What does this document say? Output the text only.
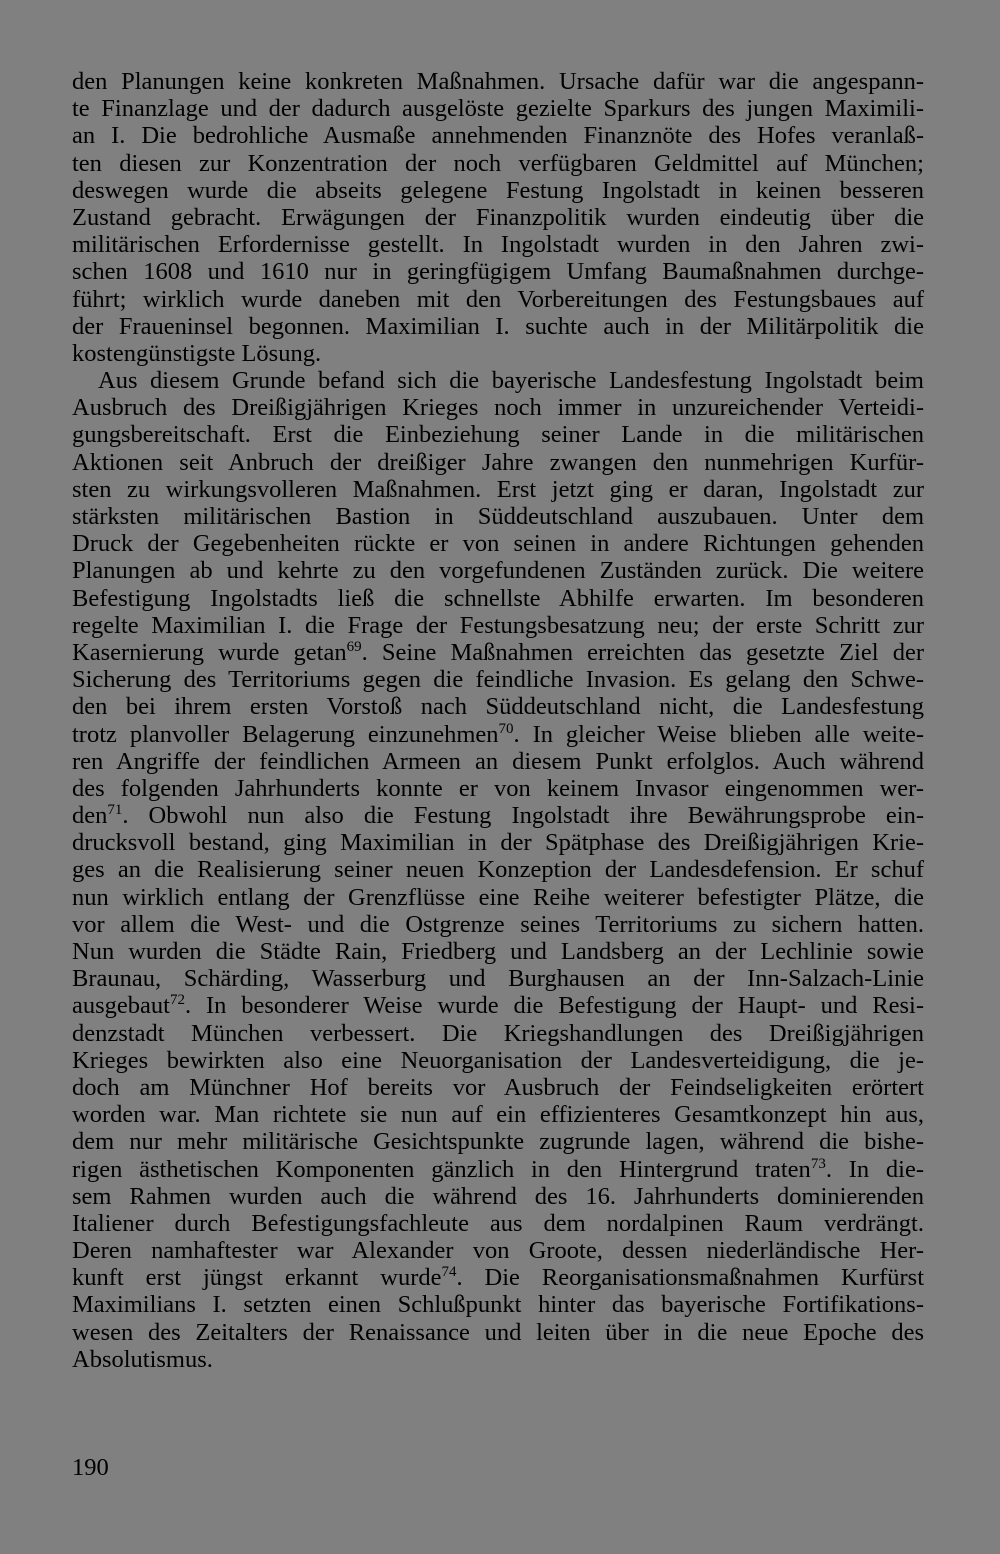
den Planungen keine konkreten Maßnahmen. Ursache dafür war die angespann-
te Finanzlage und der dadurch ausgelöste gezielte Sparkurs des jungen Maximili-
an I. Die bedrohliche Ausmaße annehmenden Finanznöte des Hofes veranlaß-
ten diesen zur Konzentration der noch verfügbaren Geldmittel auf München;
deswegen wurde die abseits gelegene Festung Ingolstadt in keinen besseren
Zustand gebracht. Erwägungen der Finanzpolitik wurden eindeutig über die
militärischen Erfordernisse gestellt. In Ingolstadt wurden in den Jahren zwi-
schen 1608 und 1610 nur in geringfügigem Umfang Baumaßnahmen durchge-
führt; wirklich wurde daneben mit den Vorbereitungen des Festungsbaues auf
der Fraueninsel begonnen. Maximilian I. suchte auch in der Militärpolitik die
kostengünstigste Lösung.
Aus diesem Grunde befand sich die bayerische Landesfestung Ingolstadt beim
Ausbruch des Dreißigjährigen Krieges noch immer in unzureichender Verteidi-
gungsbereitschaft. Erst die Einbeziehung seiner Lande in die militärischen
Aktionen seit Anbruch der dreißiger Jahre zwangen den nunmehrigen Kurfür-
sten zu wirkungsvolleren Maßnahmen. Erst jetzt ging er daran, Ingolstadt zur
stärksten militärischen Bastion in Süddeutschland auszubauen. Unter dem
Druck der Gegebenheiten rückte er von seinen in andere Richtungen gehenden
Planungen ab und kehrte zu den vorgefundenen Zuständen zurück. Die weitere
Befestigung Ingolstadts ließ die schnellste Abhilfe erwarten. Im besonderen
regelte Maximilian I. die Frage der Festungsbesatzung neu; der erste Schritt zur
Kasernierung wurde getan$^{69}$. Seine Maßnahmen erreichten das gesetzte Ziel der
Sicherung des Territoriums gegen die feindliche Invasion. Es gelang den Schwe-
den bei ihrem ersten Vorstoß nach Süddeutschland nicht, die Landesfestung
trotz planvoller Belagerung einzunehmen$^{70}$. In gleicher Weise blieben alle weite-
ren Angriffe der feindlichen Armeen an diesem Punkt erfolglos. Auch während
des folgenden Jahrhunderts konnte er von keinem Invasor eingenommen wer-
den$^{71}$. Obwohl nun also die Festung Ingolstadt ihre Bewährungsprobe ein-
drucksvoll bestand, ging Maximilian in der Spätphase des Dreißigjährigen Krie-
ges an die Realisierung seiner neuen Konzeption der Landesdefension. Er schuf
nun wirklich entlang der Grenzflüsse eine Reihe weiterer befestigter Plätze, die
vor allem die West- und die Ostgrenze seines Territoriums zu sichern hatten.
Nun wurden die Städte Rain, Friedberg und Landsberg an der Lechlinie sowie
Braunau, Schärding, Wasserburg und Burghausen an der Inn-Salzach-Linie
ausgebaut$^{72}$. In besonderer Weise wurde die Befestigung der Haupt- und Resi-
denzstadt München verbessert. Die Kriegshandlungen des Dreißigjährigen
Krieges bewirkten also eine Neuorganisation der Landesverteidigung, die je-
doch am Münchner Hof bereits vor Ausbruch der Feindseligkeiten erörtert
worden war. Man richtete sie nun auf ein effizienteres Gesamtkonzept hin aus,
dem nur mehr militärische Gesichtspunkte zugrunde lagen, während die bishe-
rigen ästhetischen Komponenten gänzlich in den Hintergrund traten$^{73}$. In die-
sem Rahmen wurden auch die während des 16. Jahrhunderts dominierenden
Italiener durch Befestigungsfachleute aus dem nordalpinen Raum verdrängt.
Deren namhaftester war Alexander von Groote, dessen niederländische Her-
kunft erst jüngst erkannt wurde$^{74}$. Die Reorganisationsmaßnahmen Kurfürst
Maximilians I. setzten einen Schlußpunkt hinter das bayerische Fortifikations-
wesen des Zeitalters der Renaissance und leiten über in die neue Epoche des
Absolutismus.
190
